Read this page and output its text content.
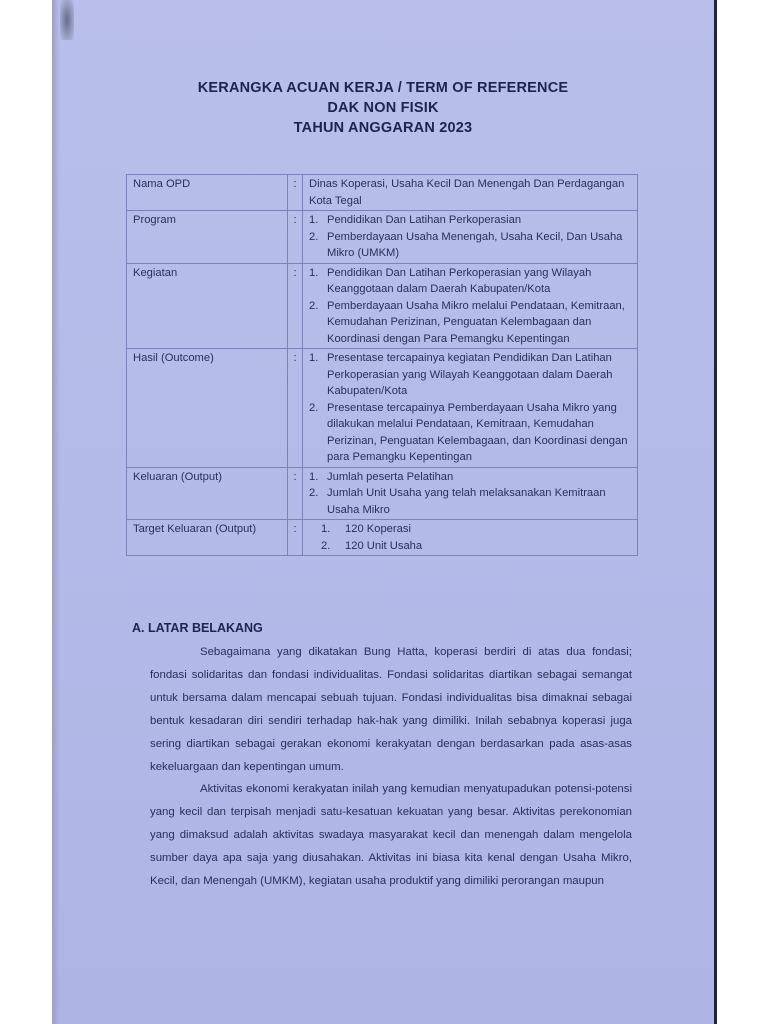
KERANGKA ACUAN KERJA / TERM OF REFERENCE
DAK NON FISIK
TAHUN ANGGARAN 2023
Nama OPD	:	Dinas Koperasi, Usaha Kecil Dan Menengah Dan Perdagangan Kota Tegal
Program	:	1. Pendidikan Dan Latihan Perkoperasian
2. Pemberdayaan Usaha Menengah, Usaha Kecil, Dan Usaha Mikro (UMKM)

Kegiatan	:	1. Pendidikan Dan Latihan Perkoperasian yang Wilayah Keanggotaan dalam Daerah Kabupaten/Kota
2. Pemberdayaan Usaha Mikro melalui Pendataan, Kemitraan, Kemudahan Perizinan, Penguatan Kelembagaan dan Koordinasi dengan Para Pemangku Kepentingan

Hasil (Outcome)	:	1. Presentase tercapainya kegiatan Pendidikan Dan Latihan Perkoperasian yang Wilayah Keanggotaan dalam Daerah Kabupaten/Kota
2. Presentase tercapainya Pemberdayaan Usaha Mikro yang dilakukan melalui Pendataan, Kemitraan, Kemudahan Perizinan, Penguatan Kelembagaan, dan Koordinasi dengan para Pemangku Kepentingan

Keluaran (Output)	:	1. Jumlah peserta Pelatihan
2. Jumlah Unit Usaha yang telah melaksanakan Kemitraan Usaha Mikro

Target Keluaran (Output)	:	1. 120 Koperasi
2. 120 Unit Usaha
A. LATAR BELAKANG

Sebagaimana yang dikatakan Bung Hatta, koperasi berdiri di atas dua fondasi; fondasi solidaritas dan fondasi individualitas. Fondasi solidaritas diartikan sebagai semangat untuk bersama dalam mencapai sebuah tujuan. Fondasi individualitas bisa dimaknai sebagai bentuk kesadaran diri sendiri terhadap hak-hak yang dimiliki. Inilah sebabnya koperasi juga sering diartikan sebagai gerakan ekonomi kerakyatan dengan berdasarkan pada asas-asas kekeluargaan dan kepentingan umum.

Aktivitas ekonomi kerakyatan inilah yang kemudian menyatupadukan potensi-potensi yang kecil dan terpisah menjadi satu-kesatuan kekuatan yang besar. Aktivitas perekonomian yang dimaksud adalah aktivitas swadaya masyarakat kecil dan menengah dalam mengelola sumber daya apa saja yang diusahakan. Aktivitas ini biasa kita kenal dengan Usaha Mikro, Kecil, dan Menengah (UMKM), kegiatan usaha produktif yang dimiliki perorangan maupun
